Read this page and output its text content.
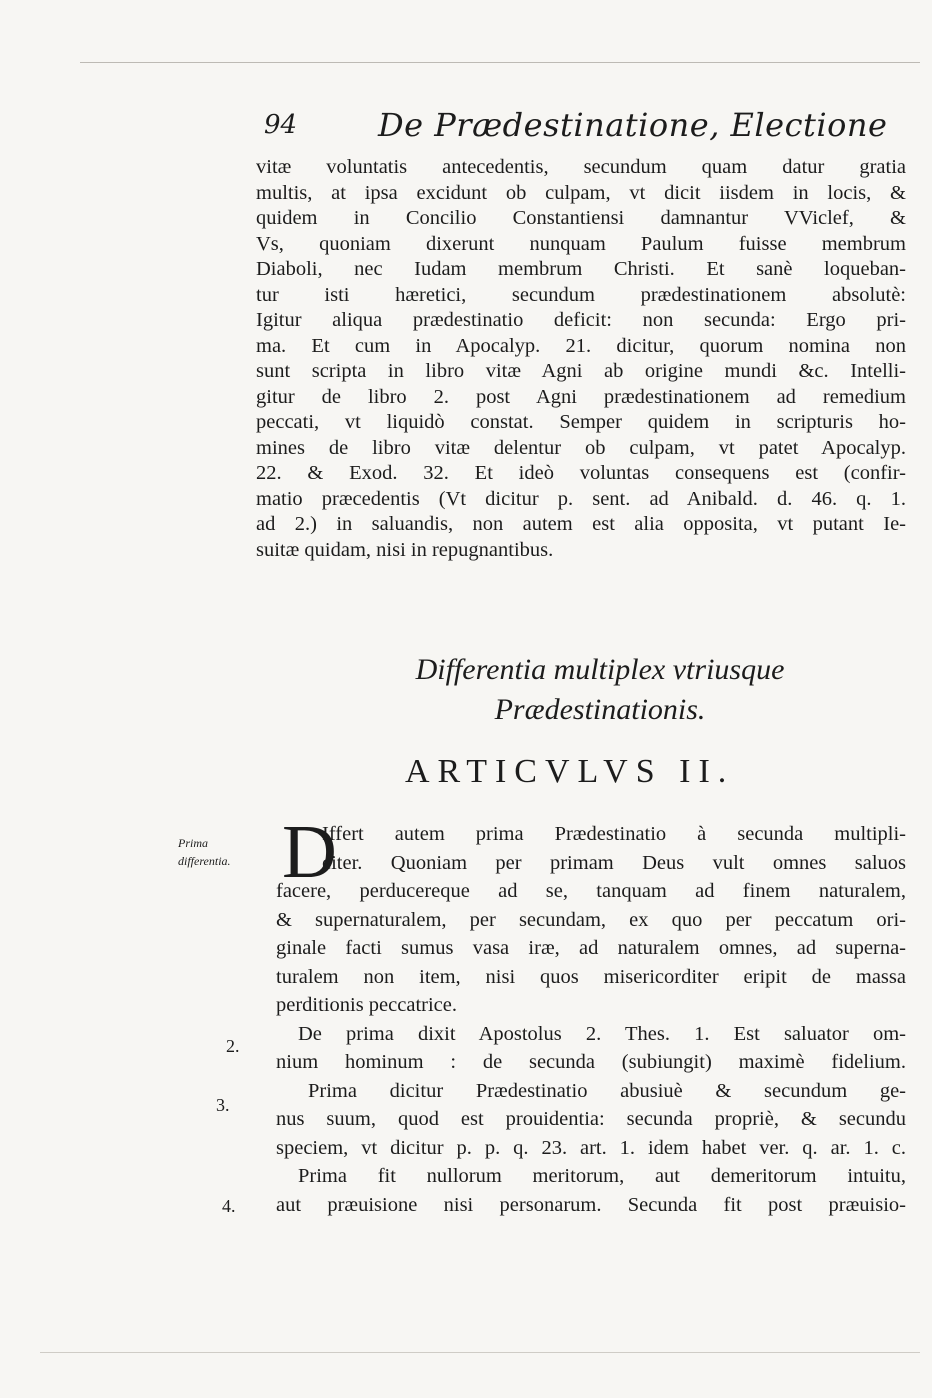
94	De Prædestinatione, Electione
vitæ voluntatis antecedentis, secundum quam datur gratia
multis, at ipsa excidunt ob culpam, vt dicit iisdem in locis, &
quidem in Concilio Constantiensi damnantur VViclef, &
Vs, quoniam dixerunt nunquam Paulum fuisse membrum
Diaboli, nec Iudam membrum Christi. Et sanè loqueban-
tur isti hæretici, secundum prædestinationem absolutè:
Igitur aliqua prædestinatio deficit: non secunda: Ergo pri-
ma. Et cum in Apocalyp. 21. dicitur, quorum nomina non
sunt scripta in libro vitæ Agni ab origine mundi &c. Intelli-
gitur de libro 2. post Agni prædestinationem ad remedium
peccati, vt liquidò constat. Semper quidem in scripturis ho-
mines de libro vitæ delentur ob culpam, vt patet Apocalyp.
22. & Exod. 32. Et ideò voluntas consequens est (confir-
matio præcedentis (Vt dicitur p. sent. ad Anibald. d. 46. q. 1.
ad 2.) in saluandis, non autem est alia opposita, vt putant Ie-
suitæ quidam, nisi in repugnantibus.
Differentia multiplex vtriusque
Prædestinationis.
ARTICVLVS II.
Prima differentia. D
Iffert autem prima Prædestinatio à secunda multipli-
citer. Quoniam per primam Deus vult omnes saluos
facere, perducereque ad se, tanquam ad finem naturalem,
& supernaturalem, per secundam, ex quo per peccatum ori-
ginale facti sumus vasa iræ, ad naturalem omnes, ad superna-
turalem non item, nisi quos misericorditer eripit de massa
perditionis peccatrice.
De prima dixit Apostolus 2. Thes. 1. Est saluator om-
nium hominum : de secunda (subiungit) maximè fidelium.
Prima dicitur Prædestinatio abusiuè & secundum ge-
nus suum, quod est prouidentia: secunda propriè, & secundu
speciem, vt dicitur p. p. q. 23. art. 1. idem habet ver. q. ar. 1. c.
Prima fit nullorum meritorum, aut demeritorum intuitu,
aut præuisione nisi personarum. Secunda fit post præuisio-
2.
3.
4.
